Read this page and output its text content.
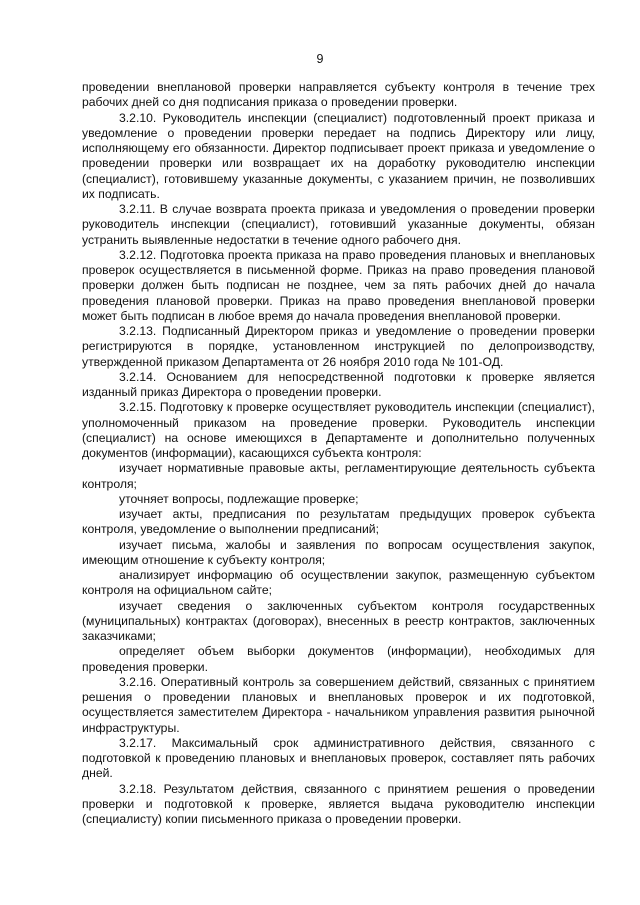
9

проведении внеплановой проверки направляется субъекту контроля в течение трех рабочих дней со дня подписания приказа о проведении проверки.

3.2.10. Руководитель инспекции (специалист) подготовленный проект приказа и уведомление о проведении проверки передает на подпись Директору или лицу, исполняющему его обязанности. Директор подписывает проект приказа и уведомление о проведении проверки или возвращает их на доработку руководителю инспекции (специалист), готовившему указанные документы, с указанием причин, не позволивших их подписать.

3.2.11. В случае возврата проекта приказа и уведомления о проведении проверки руководитель инспекции (специалист), готовивший указанные документы, обязан устранить выявленные недостатки в течение одного рабочего дня.

3.2.12. Подготовка проекта приказа на право проведения плановых и внеплановых проверок осуществляется в письменной форме. Приказ на право проведения плановой проверки должен быть подписан не позднее, чем за пять рабочих дней до начала проведения плановой проверки. Приказ на право проведения внеплановой проверки может быть подписан в любое время до начала проведения внеплановой проверки.

3.2.13. Подписанный Директором приказ и уведомление о проведении проверки регистрируются в порядке, установленном инструкцией по делопроизводству, утвержденной приказом Департамента от 26 ноября 2010 года № 101-ОД.

3.2.14. Основанием для непосредственной подготовки к проверке является изданный приказ Директора о проведении проверки.

3.2.15. Подготовку к проверке осуществляет руководитель инспекции (специалист), уполномоченный приказом на проведение проверки. Руководитель инспекции (специалист) на основе имеющихся в Департаменте и дополнительно полученных документов (информации), касающихся субъекта контроля:

изучает нормативные правовые акты, регламентирующие деятельность субъекта контроля;

уточняет вопросы, подлежащие проверке;

изучает акты, предписания по результатам предыдущих проверок субъекта контроля, уведомление о выполнении предписаний;

изучает письма, жалобы и заявления по вопросам осуществления закупок, имеющим отношение к субъекту контроля;

анализирует информацию об осуществлении закупок, размещенную субъектом контроля на официальном сайте;

изучает сведения о заключенных субъектом контроля государственных (муниципальных) контрактах (договорах), внесенных в реестр контрактов, заключенных заказчиками;

определяет объем выборки документов (информации), необходимых для проведения проверки.

3.2.16. Оперативный контроль за совершением действий, связанных с принятием решения о проведении плановых и внеплановых проверок и их подготовкой, осуществляется заместителем Директора - начальником управления развития рыночной инфраструктуры.

3.2.17. Максимальный срок административного действия, связанного с подготовкой к проведению плановых и внеплановых проверок, составляет пять рабочих дней.

3.2.18. Результатом действия, связанного с принятием решения о проведении проверки и подготовкой к проверке, является выдача руководителю инспекции (специалисту) копии письменного приказа о проведении проверки.
